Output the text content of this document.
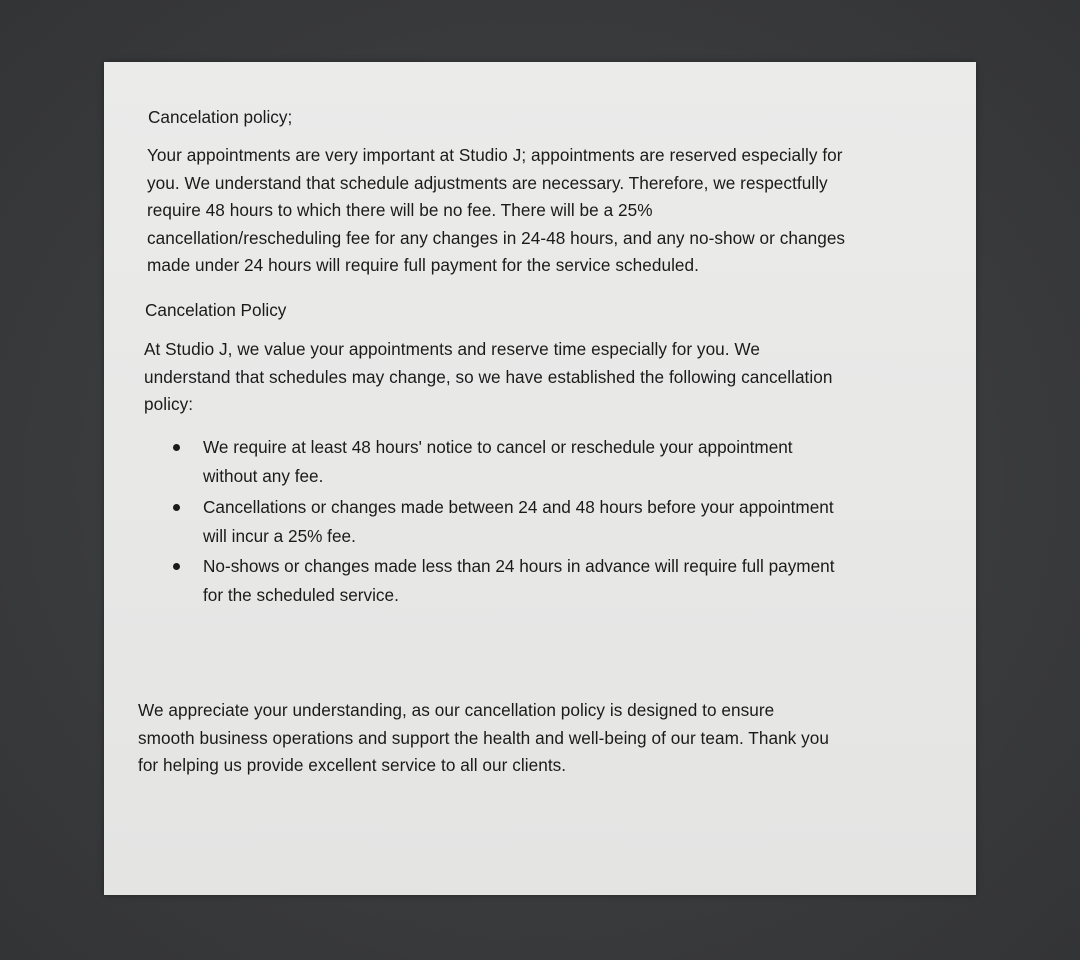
Cancelation policy;
Your appointments are very important at Studio J; appointments are reserved especially for
you. We understand that schedule adjustments are necessary. Therefore, we respectfully
require 48 hours to which there will be no fee. There will be a 25%
cancellation/rescheduling fee for any changes in 24-48 hours, and any no-show or changes
made under 24 hours will require full payment for the service scheduled.
Cancelation Policy
At Studio J, we value your appointments and reserve time especially for you. We
understand that schedules may change, so we have established the following cancellation
policy:
We require at least 48 hours' notice to cancel or reschedule your appointment
without any fee.
Cancellations or changes made between 24 and 48 hours before your appointment
will incur a 25% fee.
No-shows or changes made less than 24 hours in advance will require full payment
for the scheduled service.
We appreciate your understanding, as our cancellation policy is designed to ensure
smooth business operations and support the health and well-being of our team. Thank you
for helping us provide excellent service to all our clients.
